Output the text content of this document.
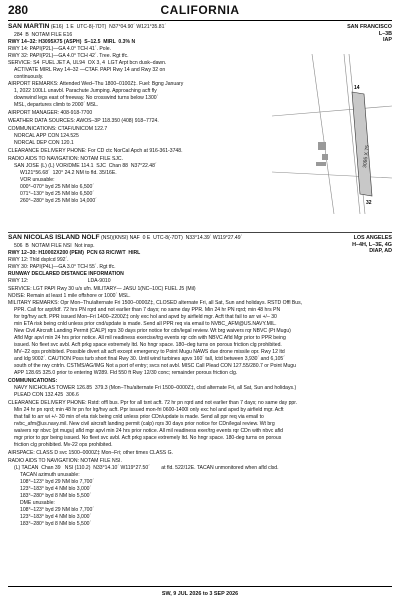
280	CALIFORNIA
SAN MARTIN (E16)  1 E  UTC-8(-7DT)  N37°04.90´ W121°35.81´
284  B  NOTAM FILE E16
RWY 14–32: H3095X75 (ASPH)  S–12.5  MIRL  0.3% N
RWY 14: PAPI(P2L)—GA 4.0° TCH 41´. Pole.
RWY 32: PAPI(P2L)—GA 4.0° TCH 42´. Tree. Rgt tfc.
SERVICE: S4  FUEL JET A, UL94  OX 3, 4  LGT Arpt bcn dusk–dawn.
ACTIVATE MIRL Rwy 14–32 —CTAF. PAPI Rwy 14 and Rwy 32 on
continuously.
AIRPORT REMARKS: Attended Wed–Thu 1800–0100Z‡. Fuel: Bgng January
1, 2022 100LL unavbl. Parachute Jumping. Approaching acft fly
downwind legs east of freeway. No crosswind turns below 1300´
MSL, departures climb to 2000´ MSL.
AIRPORT MANAGER: 408-918-7700
WEATHER DATA SOURCES: AWOS–3P 118.350 (408) 918–7724.
COMMUNICATIONS: CTAF/UNICOM 122.7
NORCAL APP CON 124.525
NORCAL DEP CON 120.1
CLEARANCE DELIVERY PHONE: For CD ctc NorCal Apch at 916-361-3748.
RADIO AIDS TO NAVIGATION: NOTAM FILE SJC.
SAN JOSE (L) (L) VOR/DME 114.1  SJC  Chan 88  N37°22.48´
W121°56.68´  120° 24.2 NM to fld. 35/16E.
VOR unusable:
000°–070° byd 25 NM blo 6,500´
071°–130° byd 25 NM blo 6,500´
260°–280° byd 25 NM blo 14,000´
SAN FRANCISCO
L–3B
IAP
3095 X 75
14
32
SAN NICOLAS ISLAND NOLF (NSI)(KNSI) NAF  0 E  UTC-8(-7DT)  N33°14.39´ W119°27.49´
506  B  NOTAM FILE NSI  Not insp.
RWY 12–30: H10002X200 (PEM)  PCN 63 R/C/W/T  HIRL
RWY 12: Thld dsplcd 992´.
RWY 30: PAPI(P4L)—GA 3.0° TCH 55´. Rgt tfc.
RUNWAY DECLARED DISTANCE INFORMATION
RWY 12:                                          LDA-9010
SERVICE: LGT PAPI Rwy 30 u/s ufn. MILITARY— JASU 1(NC–10C) FUEL J5 (Mil)
NOISE: Remain at least 1 mile offshore or 1000´ MSL.
MILITARY REMARKS: Opr Mon–Thu/alternate Fri 1500–0000Z‡, CLOSED alternate Fri, all Sat, Sun and holidays. RSTD Offl Bus,
PPR. Call for arpt/ldf. 72 hrs PN rqrd and not earlier than 7 days; no same day PPR. Min 24 hr PN rqrd; min 48 hrs PN
for trg/hvy acft. PPR issued Mon–Fri 1400–2200Z‡ only exc hol and apvd by airfield mgr. Acft that fail to arr wi +/– 30
min ETA risk being cnld unless prior cnd/update is made. Send all PPR req via email to NVBC_AFM@US.NAVY.MIL.
New Civil Aircraft Landing Permit (CALP) rqrs 30 days prior notice for cdn/legal review. Wt brg waivers rqr NBVC (Pt Mugu)
Afld Mgr apvl min 24 hrs prior notice. All mil readiness exercise/trg events rqr cdn with NBVC Afld Mgr prior to PPR being
issued. No fleet svc avbl. Acft prkg space extremely ltd. No hngr space. 180–deg turns on porous friction clg prohibited.
MV–22 ops prohibited. Possible divert alt acft except emergency to Point Mugu NAWS due drone missile opr. Rwy 12 ltd
and ldg 9002´. CAUTION Poss turb short final Rwy 30. Until wind turbines apvx 160´ tall, lctd between 3,930´ and 6,105´
south of the rwy cntrln. CSTMS/AG/IMG Not a port of entry; svcs not avbl. MISC Call Plead CON 127.55/280.7 or Point Mugu
APP 128.65 325.0 prior to entering W289. Fld 550 ft Rwy 12/30 conc; remainder porous friction clg.
COMMUNICATIONS:
NAVY NICHOLAS TOWER 126.85  379.3 (Mon–Thu/alternate Fri 1500–0000Z‡, clsd alternate Fri, all Sat, Sun and holidays.)
PLEAD CON 132.425  306.6
CLEARANCE DELIVERY PHONE: Rstd: offl bus. Ppr for all tsnt acft. 72 hr pn rqrd and not earlier than 7 days; no same day ppr.
Min 24 hr pn rqrd; min 48 hr pn for lrg/hvy acft. Ppr issued mon-fri 0600-1400l only exc hol and apvd by airfield mgr. Acft
that fail to arr wi +/- 30 min of eta risk being cnld unless prior CDn/update is made. Send all ppr req via email to
nvbc_afm@us.navy.mil. New civil aircraft landing permit (calp) rqrs 30 days prior notice for CDn/legal review. Wt brg
waivers rqr nbvc (pt mugu) afld mgr apvl min 24 hrs prior notice. All mil readiness exer/trg events rqr CDn with nbvc afld
mgr prior to ppr being issued. No fleet svc avbl. Acft prkg space extremely ltd. No hngr space. 180-deg turns on porous
friction clg prohibited. Mv-22 ops prohibited.
AIRSPACE: CLASS D svc 1500–0000Z‡ Mon–Fri; other times CLASS G.
RADIO AIDS TO NAVIGATION: NOTAM FILE NSI.
(L) TACAN  Chan 39   NSI (110.2)  N33°14.10´ W119°27.50´        at fld. 522/12E. TACAN unmonitored when afld clsd.
TACAN azimuth unusable:
108°–123° byd 29 NM blo 7,700´
123°–183° byd 4 NM blo 3,000´
183°–280° byd 8 NM blo 5,500´
DME unusable:
108°–123° byd 29 NM blo 7,700´
123°–183° byd 4 NM blo 3,000´
183°–280° byd 8 NM blo 5,500´
LOS ANGELES
H–4H, L–3E, 4G
DIAP, AD
SW, 9 JUL 2026 to 3 SEP 2026
